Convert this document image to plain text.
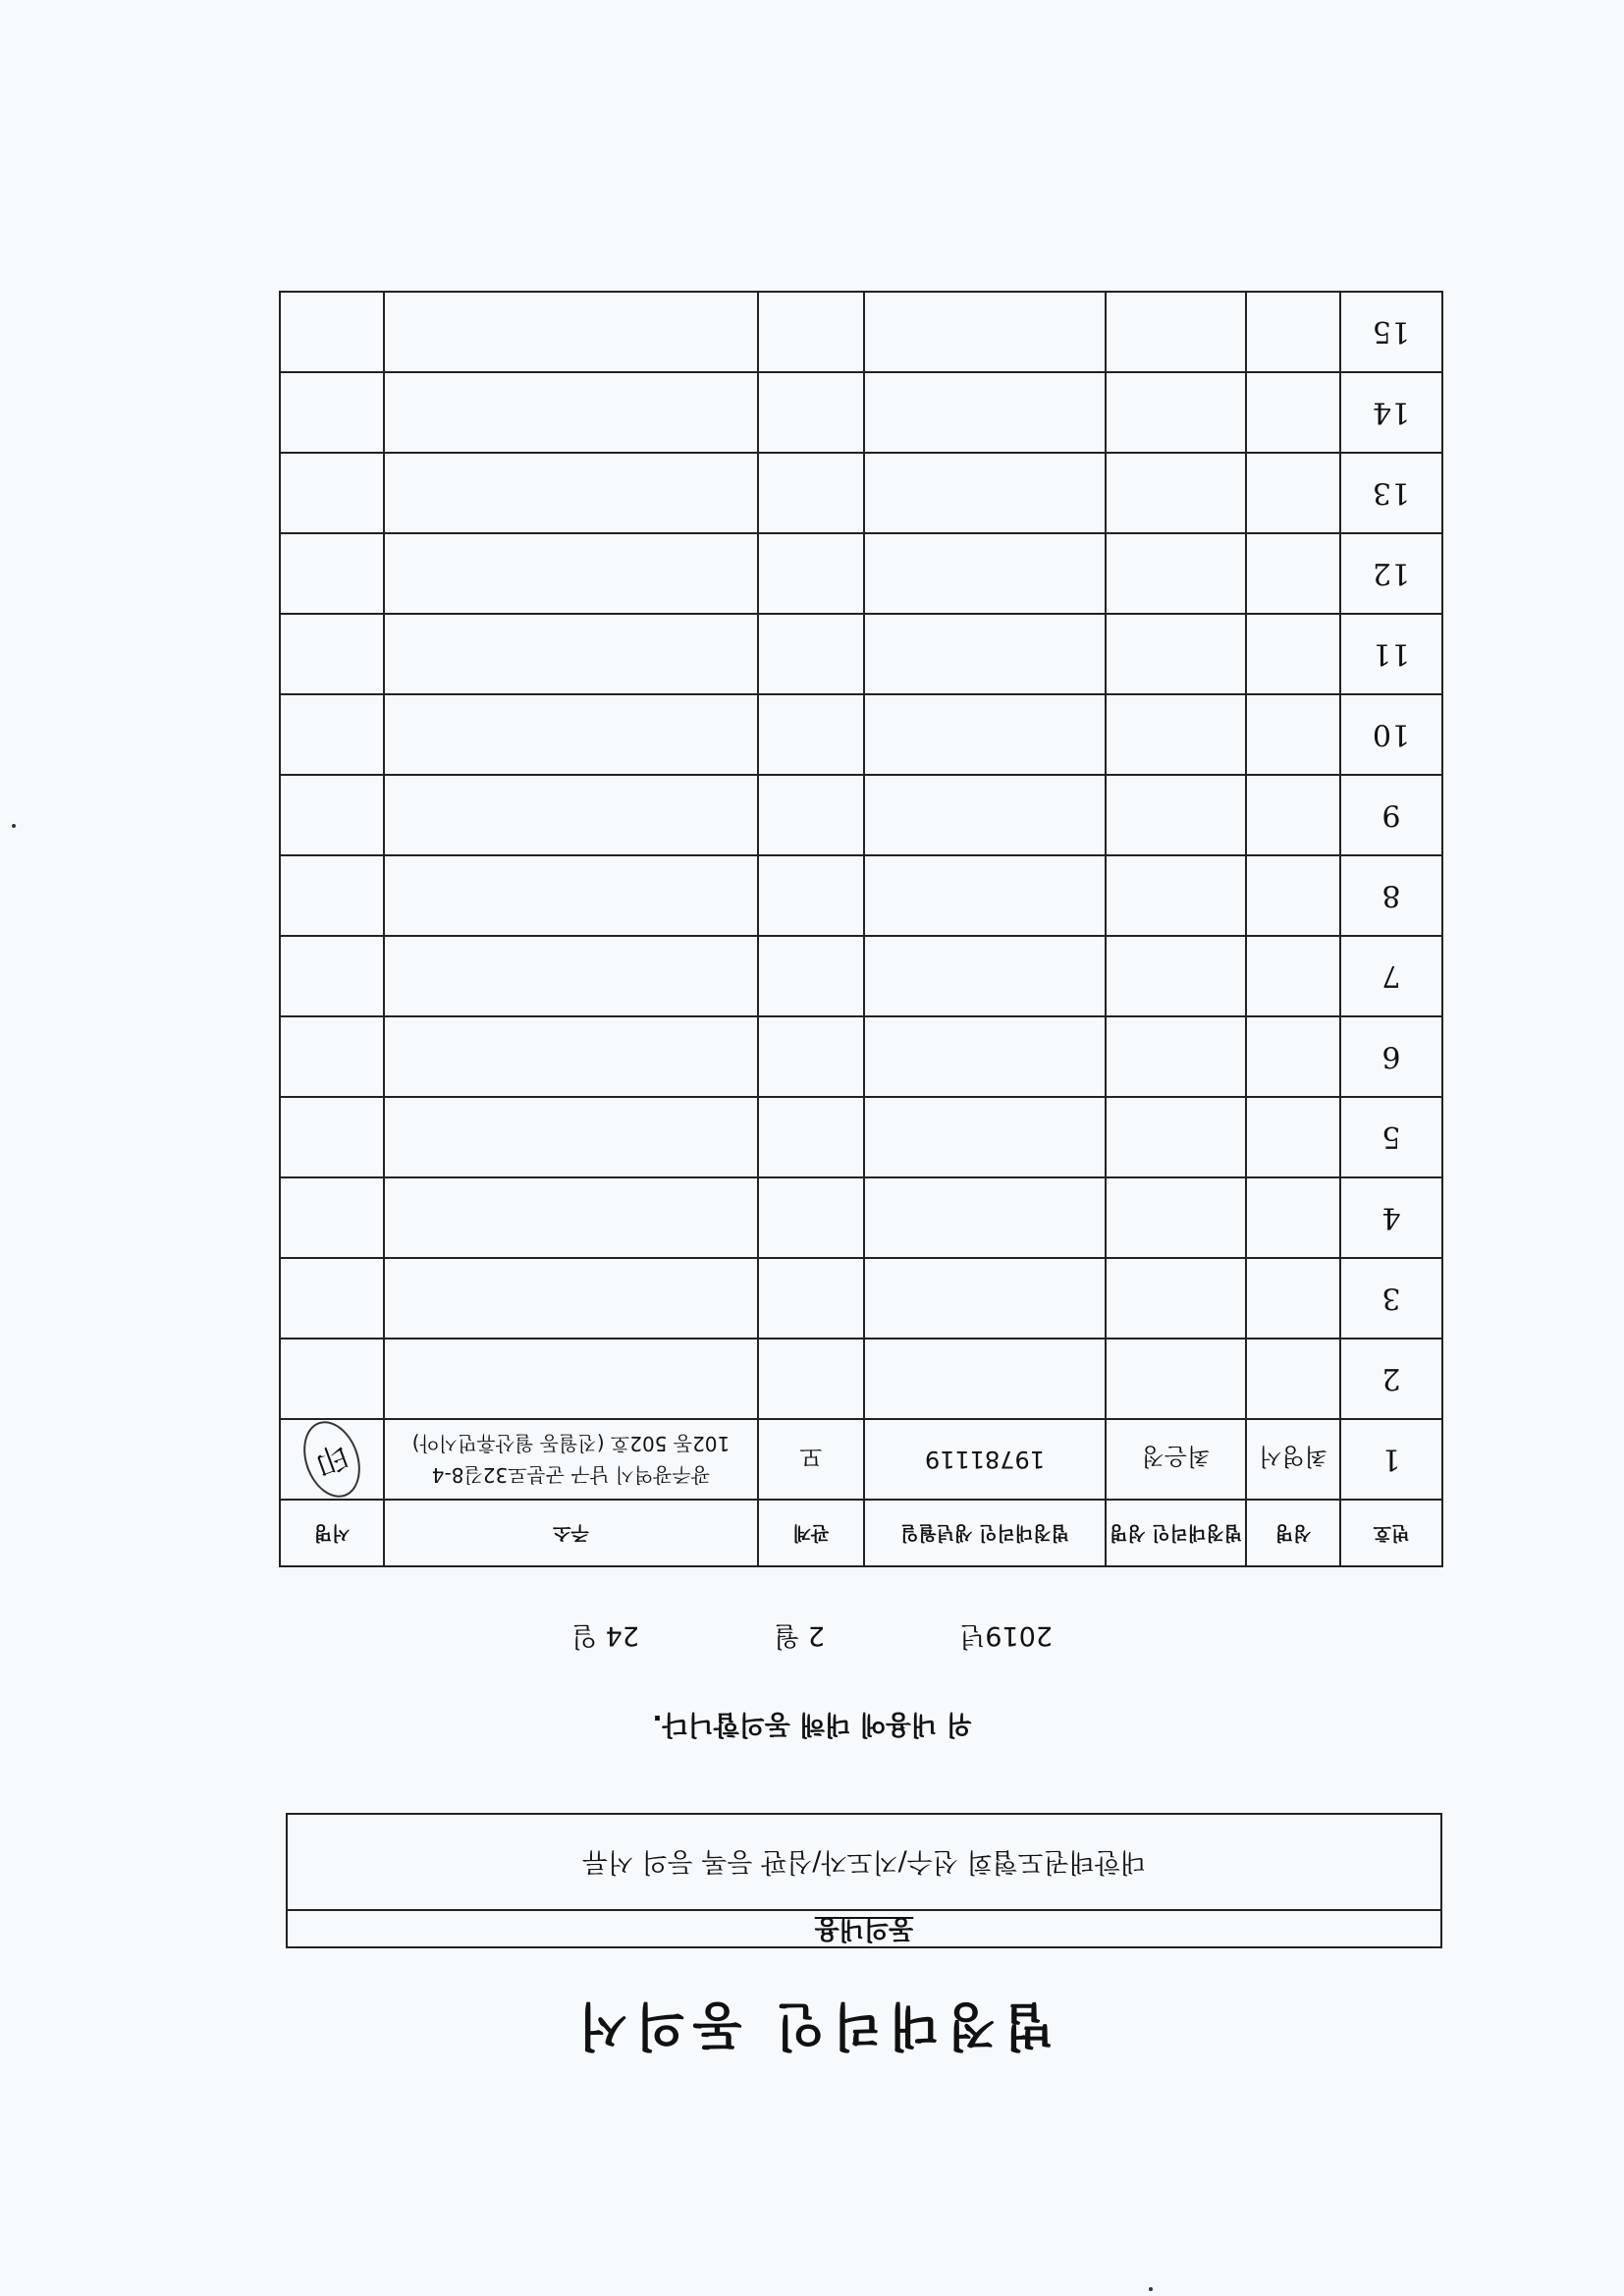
법정대리인 동의서
동의내용
대한태권도협회 선수/지도자/심판 등록 등의 서류
위 내용에 대해 동의합니다.
2019년  2 월  24 일
번호	성명	법정대리인 성명	법정대리인 생년월일	관계	주소	서명
1	최영서	최은정	19781119	모	광주광역시 남구 군분로32길8-4
102동 502호 (진월동 월산휴먼시아)	印
2						
3						
4						
5						
6						
7						
8						
9						
10						
11						
12						
13						
14						
15						
